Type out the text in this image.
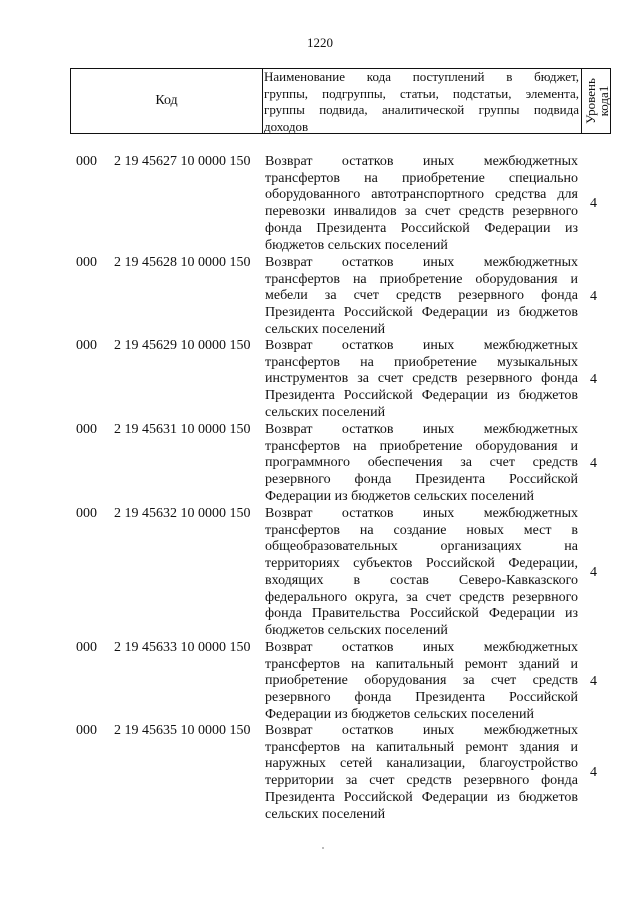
1220
Код
Наименование кода поступлений в бюджет,
группы, подгруппы, статьи, подстатьи, элемента,
группы подвида, аналитической группы подвида
доходов
Уровень
кода1
000 2 19 45627 10 0000 150 Возврат остатков иных межбюджетных
трансфертов на приобретение специально
оборудованного автотранспортного средства для
перевозки инвалидов за счет средств резервного
фонда Президента Российской Федерации из
бюджетов сельских поселений
4
000 2 19 45628 10 0000 150 Возврат остатков иных межбюджетных
трансфертов на приобретение оборудования и
мебели за счет средств резервного фонда
Президента Российской Федерации из бюджетов
сельских поселений
4
000 2 19 45629 10 0000 150 Возврат остатков иных межбюджетных
трансфертов на приобретение музыкальных
инструментов за счет средств резервного фонда
Президента Российской Федерации из бюджетов
сельских поселений
4
000 2 19 45631 10 0000 150 Возврат остатков иных межбюджетных
трансфертов на приобретение оборудования и
программного обеспечения за счет средств
резервного фонда Президента Российской
Федерации из бюджетов сельских поселений
4
000 2 19 45632 10 0000 150 Возврат остатков иных межбюджетных
трансфертов на создание новых мест в
общеобразовательных организациях на
территориях субъектов Российской Федерации,
входящих в состав Северо-Кавказского
федерального округа, за счет средств резервного
фонда Правительства Российской Федерации из
бюджетов сельских поселений
4
000 2 19 45633 10 0000 150 Возврат остатков иных межбюджетных
трансфертов на капитальный ремонт зданий и
приобретение оборудования за счет средств
резервного фонда Президента Российской
Федерации из бюджетов сельских поселений
4
000 2 19 45635 10 0000 150 Возврат остатков иных межбюджетных
трансфертов на капитальный ремонт здания и
наружных сетей канализации, благоустройство
территории за счет средств резервного фонда
Президента Российской Федерации из бюджетов
сельских поселений
4
